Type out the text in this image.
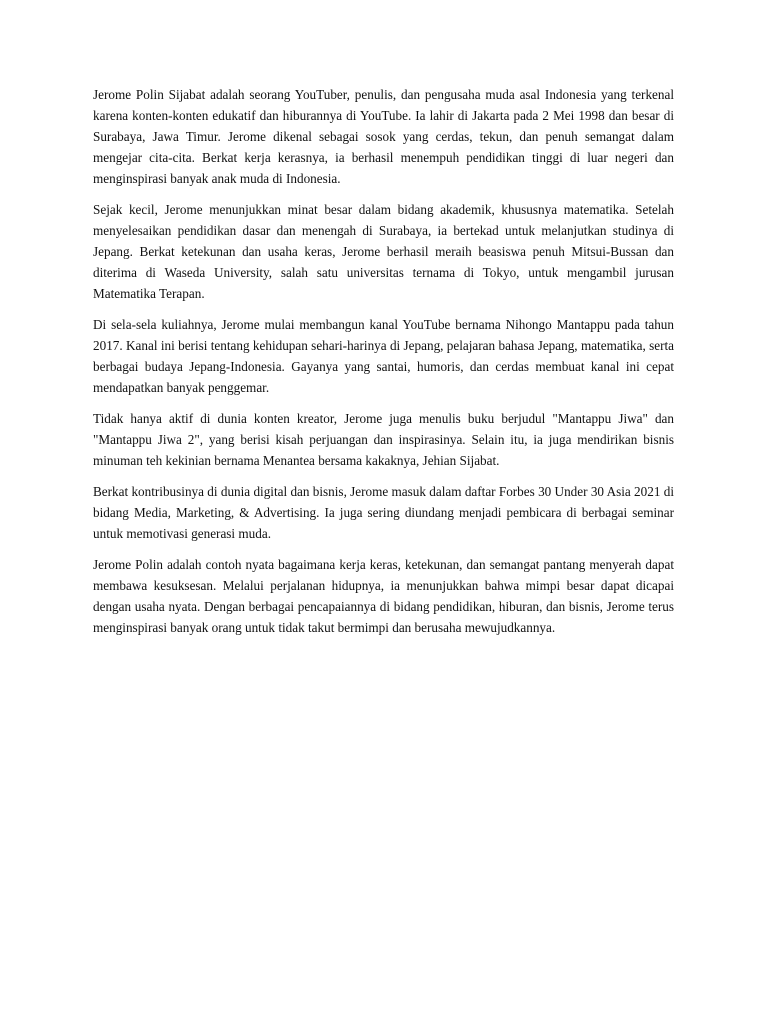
Jerome Polin Sijabat adalah seorang YouTuber, penulis, dan pengusaha muda asal Indonesia yang terkenal karena konten-konten edukatif dan hiburannya di YouTube. Ia lahir di Jakarta pada 2 Mei 1998 dan besar di Surabaya, Jawa Timur. Jerome dikenal sebagai sosok yang cerdas, tekun, dan penuh semangat dalam mengejar cita-cita. Berkat kerja kerasnya, ia berhasil menempuh pendidikan tinggi di luar negeri dan menginspirasi banyak anak muda di Indonesia.

Sejak kecil, Jerome menunjukkan minat besar dalam bidang akademik, khususnya matematika. Setelah menyelesaikan pendidikan dasar dan menengah di Surabaya, ia bertekad untuk melanjutkan studinya di Jepang. Berkat ketekunan dan usaha keras, Jerome berhasil meraih beasiswa penuh Mitsui-Bussan dan diterima di Waseda University, salah satu universitas ternama di Tokyo, untuk mengambil jurusan Matematika Terapan.

Di sela-sela kuliahnya, Jerome mulai membangun kanal YouTube bernama Nihongo Mantappu pada tahun 2017. Kanal ini berisi tentang kehidupan sehari-harinya di Jepang, pelajaran bahasa Jepang, matematika, serta berbagai budaya Jepang-Indonesia. Gayanya yang santai, humoris, dan cerdas membuat kanal ini cepat mendapatkan banyak penggemar.

Tidak hanya aktif di dunia konten kreator, Jerome juga menulis buku berjudul "Mantappu Jiwa" dan "Mantappu Jiwa 2", yang berisi kisah perjuangan dan inspirasinya. Selain itu, ia juga mendirikan bisnis minuman teh kekinian bernama Menantea bersama kakaknya, Jehian Sijabat.

Berkat kontribusinya di dunia digital dan bisnis, Jerome masuk dalam daftar Forbes 30 Under 30 Asia 2021 di bidang Media, Marketing, & Advertising. Ia juga sering diundang menjadi pembicara di berbagai seminar untuk memotivasi generasi muda.

Jerome Polin adalah contoh nyata bagaimana kerja keras, ketekunan, dan semangat pantang menyerah dapat membawa kesuksesan. Melalui perjalanan hidupnya, ia menunjukkan bahwa mimpi besar dapat dicapai dengan usaha nyata. Dengan berbagai pencapaiannya di bidang pendidikan, hiburan, dan bisnis, Jerome terus menginspirasi banyak orang untuk tidak takut bermimpi dan berusaha mewujudkannya.
